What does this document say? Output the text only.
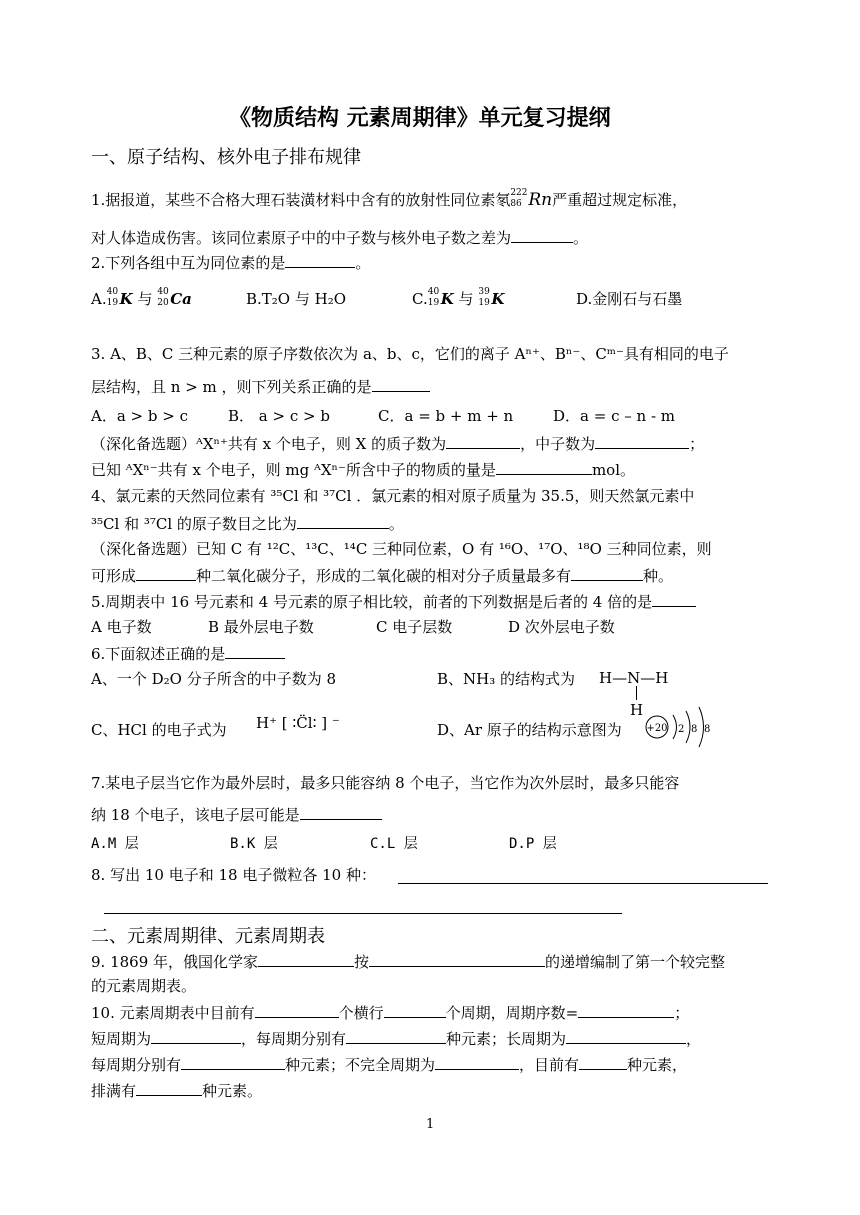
《物质结构 元素周期律》单元复习提纲
一、原子结构、核外电子排布规律
1.据报道，某些不合格大理石装潢材料中含有的放射性同位素氡 222
86 Rn严重超过规定标准，
对人体造成伤害。该同位素原子中的中子数与核外电子数之差为	。
2.下列各组中互为同位素的是	。
A. 40
19 K 与 40
20 Ca	B.T₂O 与 H₂O	C. 40
19 K 与 39
19 K	D.金刚石与石墨
3. A、B、C 三种元素的原子序数依次为 a、b、c，它们的离子 Aⁿ⁺、Bⁿ⁻、Cᵐ⁻具有相同的电子
层结构，且 n > m ，则下列关系正确的是
A．a > b > c	B． a > c > b	C．a = b + m + n	D．a = c – n - m
（深化备选题）ᴬXⁿ⁺共有 x 个电子，则 X 的质子数为	，中子数为	；
已知 ᴬXⁿ⁻共有 x 个电子，则 mg ᴬXⁿ⁻所含中子的物质的量是	mol。
4、氯元素的天然同位素有 ³⁵Cl 和 ³⁷Cl ．氯元素的相对原子质量为 35.5，则天然氯元素中
³⁵Cl 和 ³⁷Cl 的原子数目之比为	。
（深化备选题）已知 C 有 ¹²C、¹³C、¹⁴C 三种同位素，O 有 ¹⁶O、¹⁷O、¹⁸O 三种同位素，则
可形成	种二氧化碳分子，形成的二氧化碳的相对分子质量最多有	种。
5.周期表中 16 号元素和 4 号元素的原子相比较，前者的下列数据是后者的 4 倍的是
A 电子数	B 最外层电子数	C 电子层数	D 次外层电子数
6.下面叙述正确的是
A、一个 D₂O 分子所含的中子数为 8	B、NH₃ 的结构式为 H—N—H
H
C、HCl 的电子式为 H⁺ [ ∶C̈l∶ ] ⁻	D、Ar 原子的结构示意图为 +20 2 8 8
7.某电子层当它作为最外层时，最多只能容纳 8 个电子，当它作为次外层时，最多只能容
纳 18 个电子，该电子层可能是
A.M 层	B.K 层	C.L 层	D.P 层
8. 写出 10 电子和 18 电子微粒各 10 种：
二、元素周期律、元素周期表
9. 1869 年，俄国化学家	按	的递增编制了第一个较完整
的元素周期表。
10. 元素周期表中目前有	个横行	个周期，周期序数=	；
短周期为	，每周期分别有	种元素；长周期为	，
每周期分别有	种元素；不完全周期为	，目前有	种元素，
排满有	种元素。
1
